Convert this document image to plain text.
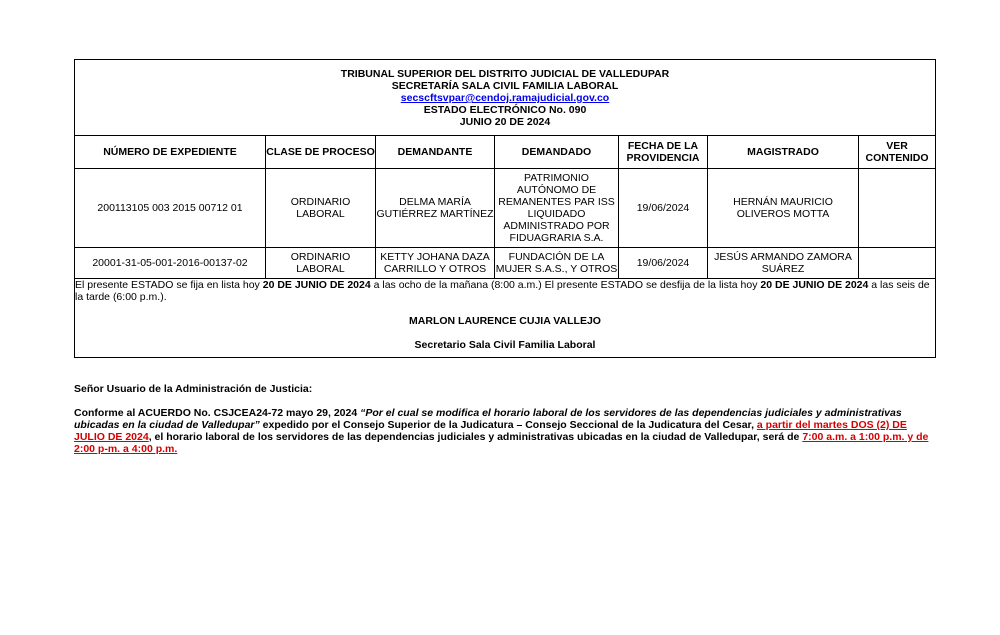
TRIBUNAL SUPERIOR DEL DISTRITO JUDICIAL DE VALLEDUPAR
SECRETARÍA SALA CIVIL FAMILIA LABORAL
secscftsvpar@cendoj.ramajudicial.gov.co
ESTADO ELECTRÓNICO No. 090
JUNIO 20 DE 2024						

NÚMERO DE EXPEDIENTE	CLASE DE PROCESO	DEMANDANTE	DEMANDADO	FECHA DE LA PROVIDENCIA	MAGISTRADO	VER CONTENIDO
200113105 003 2015 00712 01	ORDINARIO LABORAL	DELMA MARÍA GUTIÉRREZ MARTÍNEZ	PATRIMONIO AUTÓNOMO DE REMANENTES PAR ISS LIQUIDADO ADMINISTRADO POR FIDUAGRARIA S.A.	19/06/2024	HERNÁN MAURICIO OLIVEROS MOTTA	
20001-31-05-001-2016-00137-02	ORDINARIO LABORAL	KETTY JOHANA DAZA CARRILLO Y OTROS	FUNDACIÓN DE LA MUJER S.A.S., Y OTROS	19/06/2024	JESÚS ARMANDO ZAMORA SUÁREZ	

El presente ESTADO se fija en lista hoy 20 DE JUNIO DE 2024 a las ocho de la mañana (8:00 a.m.) El presente ESTADO se desfija de la lista hoy 20 DE JUNIO DE 2024 a las seis de la tarde (6:00 p.m.).

MARLON LAURENCE CUJIA VALLEJO

Secretario Sala Civil Familia Laboral						

Señor Usuario de la Administración de Justicia:

Conforme al ACUERDO No. CSJCEA24-72 mayo 29, 2024 “Por el cual se modifica el horario laboral de los servidores de las dependencias judiciales y administrativas ubicadas en la ciudad de Valledupar” expedido por el Consejo Superior de la Judicatura – Consejo Seccional de la Judicatura del Cesar, a partir del martes DOS (2) DE JULIO DE 2024, el horario laboral de los servidores de las dependencias judiciales y administrativas ubicadas en la ciudad de Valledupar, será de 7:00 a.m. a 1:00 p.m. y de 2:00 p-m. a 4:00 p.m.
